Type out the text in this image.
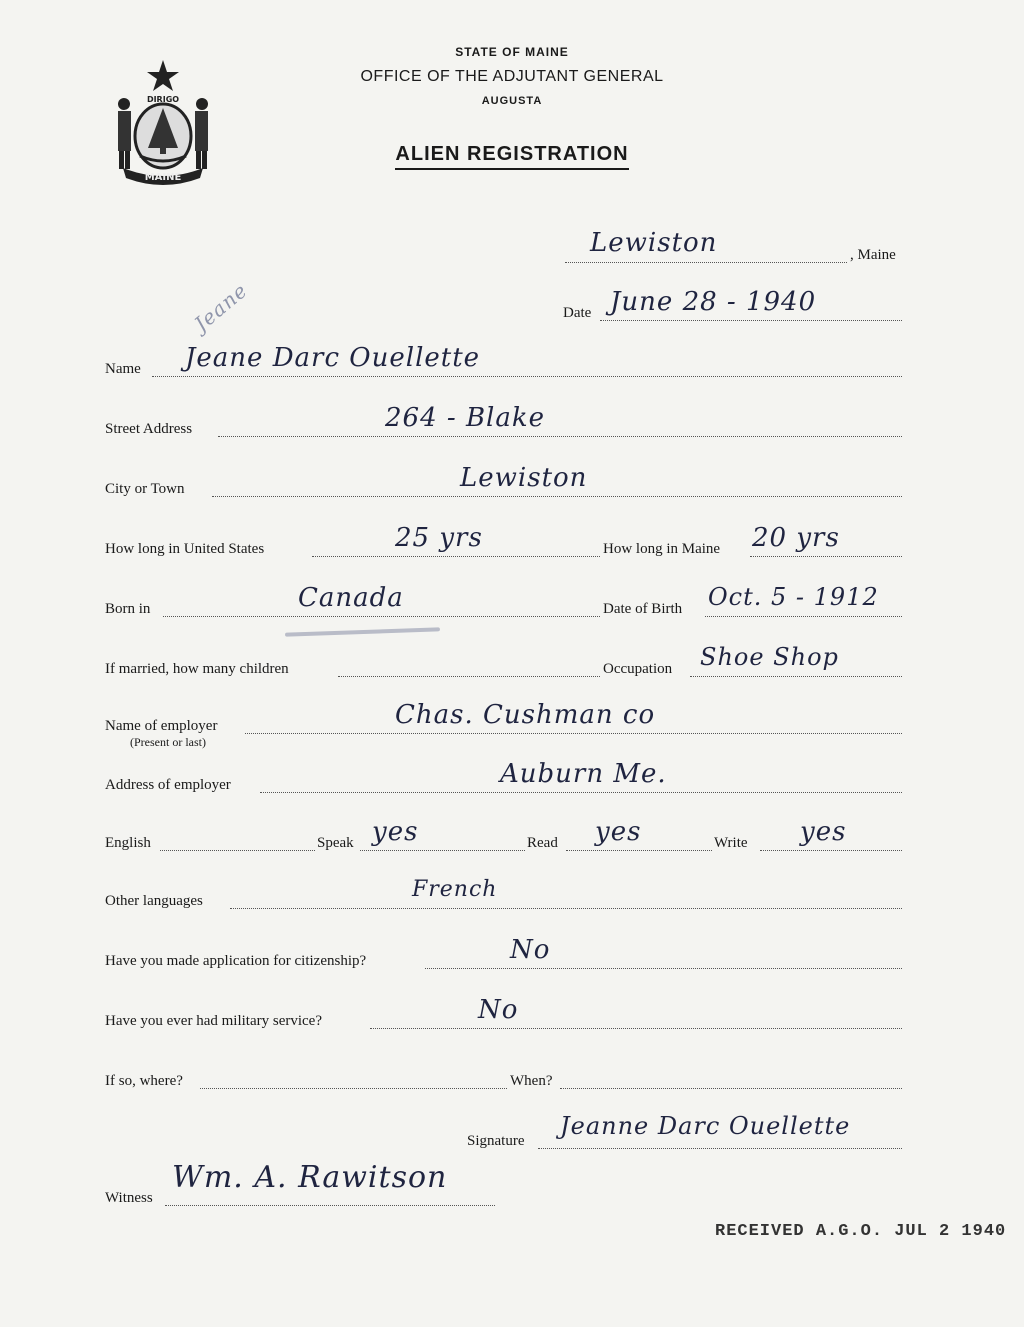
STATE OF MAINE
OFFICE OF THE ADJUTANT GENERAL
AUGUSTA
ALIEN REGISTRATION
DIRIGO
MAINE
Lewiston	, Maine
Date June 28 - 1940
Jeane
Name Jeane Darc Ouellette
Street Address	264 - Blake
City or Town	Lewiston
How long in United States	25 yrs	How long in Maine 20 yrs
Born in	Canada	Date of Birth Oct. 5 - 1912
If married, how many children	Occupation Shoe Shop
Name of employer
(Present or last)
Chas. Cushman co
Address of employer	Auburn Me.
English	Speak yes	Read yes	Write yes
Other languages	French
Have you made application for citizenship?	No
Have you ever had military service?	No
If so, where?	When?
Signature
Jeanne Darc Ouellette
Witness
Wm. A. Rawitson
RECEIVED A.G.O. JUL 2 1940
